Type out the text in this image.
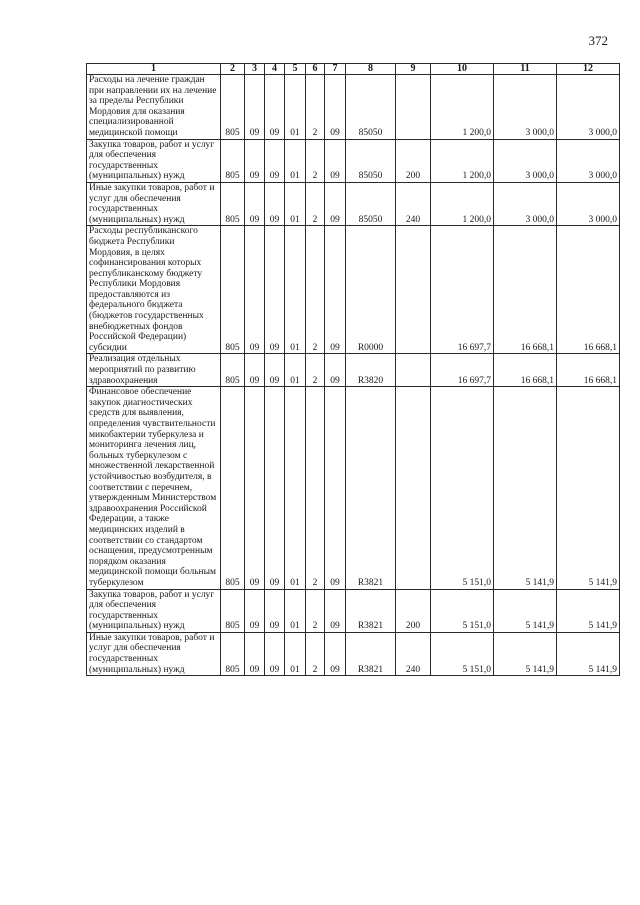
372
1	2	3	4	5	6	7	8	9	10	11	12
Расходы на лечение граждан при направлении их на лечение за пределы Республики Мордовия для оказания специализированной медицинской помощи	805	09	09	01	2	09	85050		1 200,0	3 000,0	3 000,0
Закупка товаров, работ и услуг для обеспечения государственных (муниципальных) нужд	805	09	09	01	2	09	85050	200	1 200,0	3 000,0	3 000,0
Иные закупки товаров, работ и услуг для обеспечения государственных (муниципальных) нужд	805	09	09	01	2	09	85050	240	1 200,0	3 000,0	3 000,0
Расходы республиканского бюджета Республики Мордовия, в целях софинансирования которых республиканскому бюджету Республики Мордовия предоставляются из федерального бюджета (бюджетов государственных внебюджетных фондов Российской Федерации) субсидии	805	09	09	01	2	09	R0000		16 697,7	16 668,1	16 668,1
Реализация отдельных мероприятий по развитию здравоохранения	805	09	09	01	2	09	R3820		16 697,7	16 668,1	16 668,1
Финансовое обеспечение закупок диагностических средств для выявления, определения чувствительности микобактерии туберкулеза и мониторинга лечения лиц, больных туберкулезом с множественной лекарственной устойчивостью возбудителя, в соответствии с перечнем, утвержденным Министерством здравоохранения Российской Федерации, а также медицинских изделий в соответствии со стандартом оснащения, предусмотренным порядком оказания медицинской помощи больным туберкулезом	805	09	09	01	2	09	R3821		5 151,0	5 141,9	5 141,9
Закупка товаров, работ и услуг для обеспечения государственных (муниципальных) нужд	805	09	09	01	2	09	R3821	200	5 151,0	5 141,9	5 141,9
Иные закупки товаров, работ и услуг для обеспечения государственных (муниципальных) нужд	805	09	09	01	2	09	R3821	240	5 151,0	5 141,9	5 141,9
